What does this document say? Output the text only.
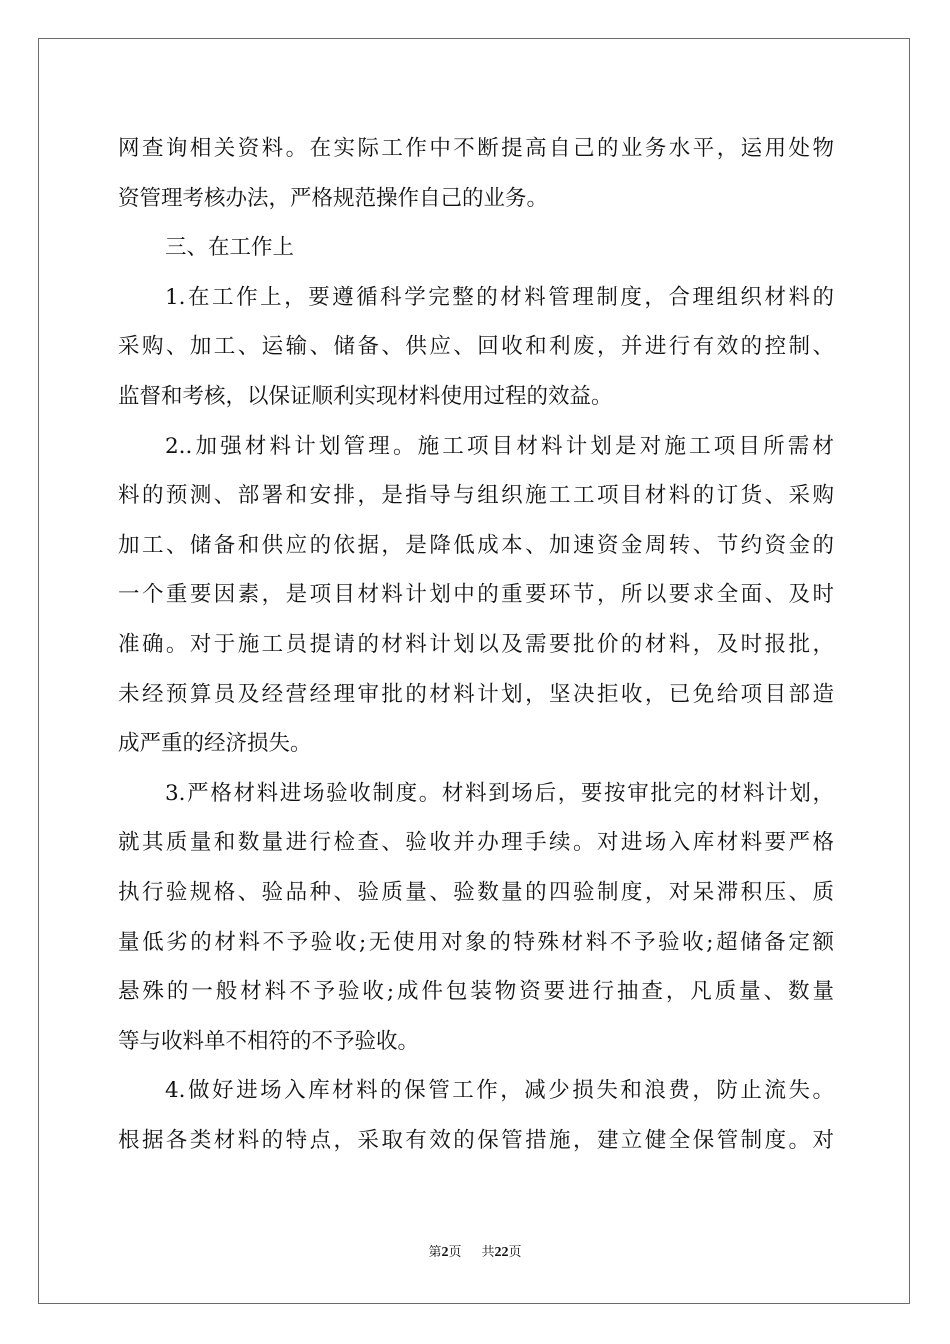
网查询相关资料。在实际工作中不断提高自己的业务水平，运用处物
资管理考核办法，严格规范操作自己的业务。
三、在工作上
1.在工作上，要遵循科学完整的材料管理制度，合理组织材料的
采购、加工、运输、储备、供应、回收和利废，并进行有效的控制、
监督和考核，以保证顺利实现材料使用过程的效益。
2..加强材料计划管理。施工项目材料计划是对施工项目所需材
料的预测、部署和安排，是指导与组织施工工项目材料的订货、采购
加工、储备和供应的依据，是降低成本、加速资金周转、节约资金的
一个重要因素，是项目材料计划中的重要环节，所以要求全面、及时
准确。对于施工员提请的材料计划以及需要批价的材料，及时报批，
未经预算员及经营经理审批的材料计划，坚决拒收，已免给项目部造
成严重的经济损失。
3.严格材料进场验收制度。材料到场后，要按审批完的材料计划，
就其质量和数量进行检查、验收并办理手续。对进场入库材料要严格
执行验规格、验品种、验质量、验数量的四验制度，对呆滞积压、质
量低劣的材料不予验收;无使用对象的特殊材料不予验收;超储备定额
悬殊的一般材料不予验收;成件包装物资要进行抽查，凡质量、数量
等与收料单不相符的不予验收。
4.做好进场入库材料的保管工作，减少损失和浪费，防止流失。
根据各类材料的特点，采取有效的保管措施，建立健全保管制度。对
第2页 共22页
